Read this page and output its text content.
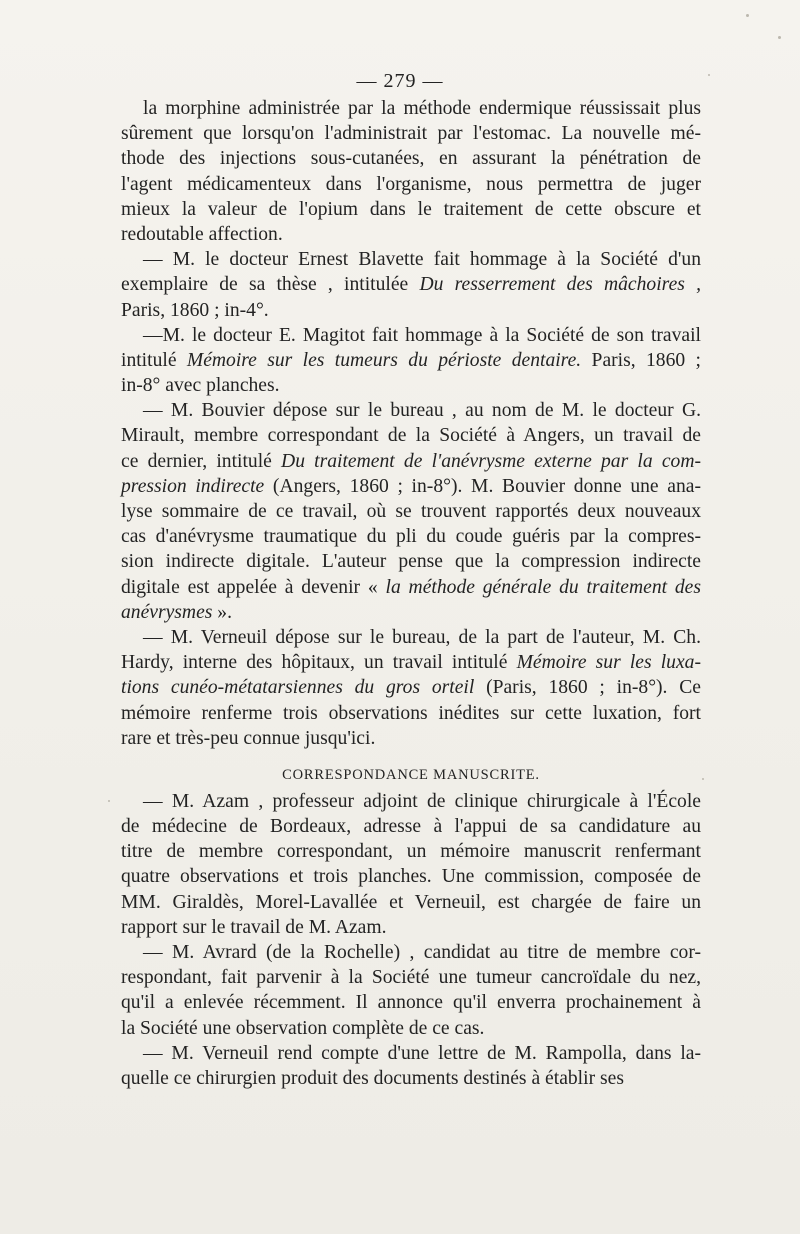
— 279 —
la morphine administrée par la méthode endermique réussissait plus
sûrement que lorsqu'on l'administrait par l'estomac. La nouvelle mé-
thode des injections sous-cutanées, en assurant la pénétration de
l'agent médicamenteux dans l'organisme, nous permettra de juger
mieux la valeur de l'opium dans le traitement de cette obscure et
redoutable affection.
— M. le docteur Ernest Blavette fait hommage à la Société d'un
exemplaire de sa thèse , intitulée Du resserrement des mâchoires ,
Paris, 1860 ; in-4°.
—M. le docteur E. Magitot fait hommage à la Société de son travail
intitulé Mémoire sur les tumeurs du périoste dentaire. Paris, 1860 ;
in-8° avec planches.
— M. Bouvier dépose sur le bureau , au nom de M. le docteur G.
Mirault, membre correspondant de la Société à Angers, un travail de
ce dernier, intitulé Du traitement de l'anévrysme externe par la com-
pression indirecte (Angers, 1860 ; in-8°). M. Bouvier donne une ana-
lyse sommaire de ce travail, où se trouvent rapportés deux nouveaux
cas d'anévrysme traumatique du pli du coude guéris par la compres-
sion indirecte digitale. L'auteur pense que la compression indirecte
digitale est appelée à devenir « la méthode générale du traitement des
anévrysmes ».
— M. Verneuil dépose sur le bureau, de la part de l'auteur, M. Ch.
Hardy, interne des hôpitaux, un travail intitulé Mémoire sur les luxa-
tions cunéo-métatarsiennes du gros orteil (Paris, 1860 ; in-8°). Ce
mémoire renferme trois observations inédites sur cette luxation, fort
rare et très-peu connue jusqu'ici.
CORRESPONDANCE MANUSCRITE.
— M. Azam , professeur adjoint de clinique chirurgicale à l'École
de médecine de Bordeaux, adresse à l'appui de sa candidature au
titre de membre correspondant, un mémoire manuscrit renfermant
quatre observations et trois planches. Une commission, composée de
MM. Giraldès, Morel-Lavallée et Verneuil, est chargée de faire un
rapport sur le travail de M. Azam.
— M. Avrard (de la Rochelle) , candidat au titre de membre cor-
respondant, fait parvenir à la Société une tumeur cancroïdale du nez,
qu'il a enlevée récemment. Il annonce qu'il enverra prochainement à
la Société une observation complète de ce cas.
— M. Verneuil rend compte d'une lettre de M. Rampolla, dans la-
quelle ce chirurgien produit des documents destinés à établir ses
